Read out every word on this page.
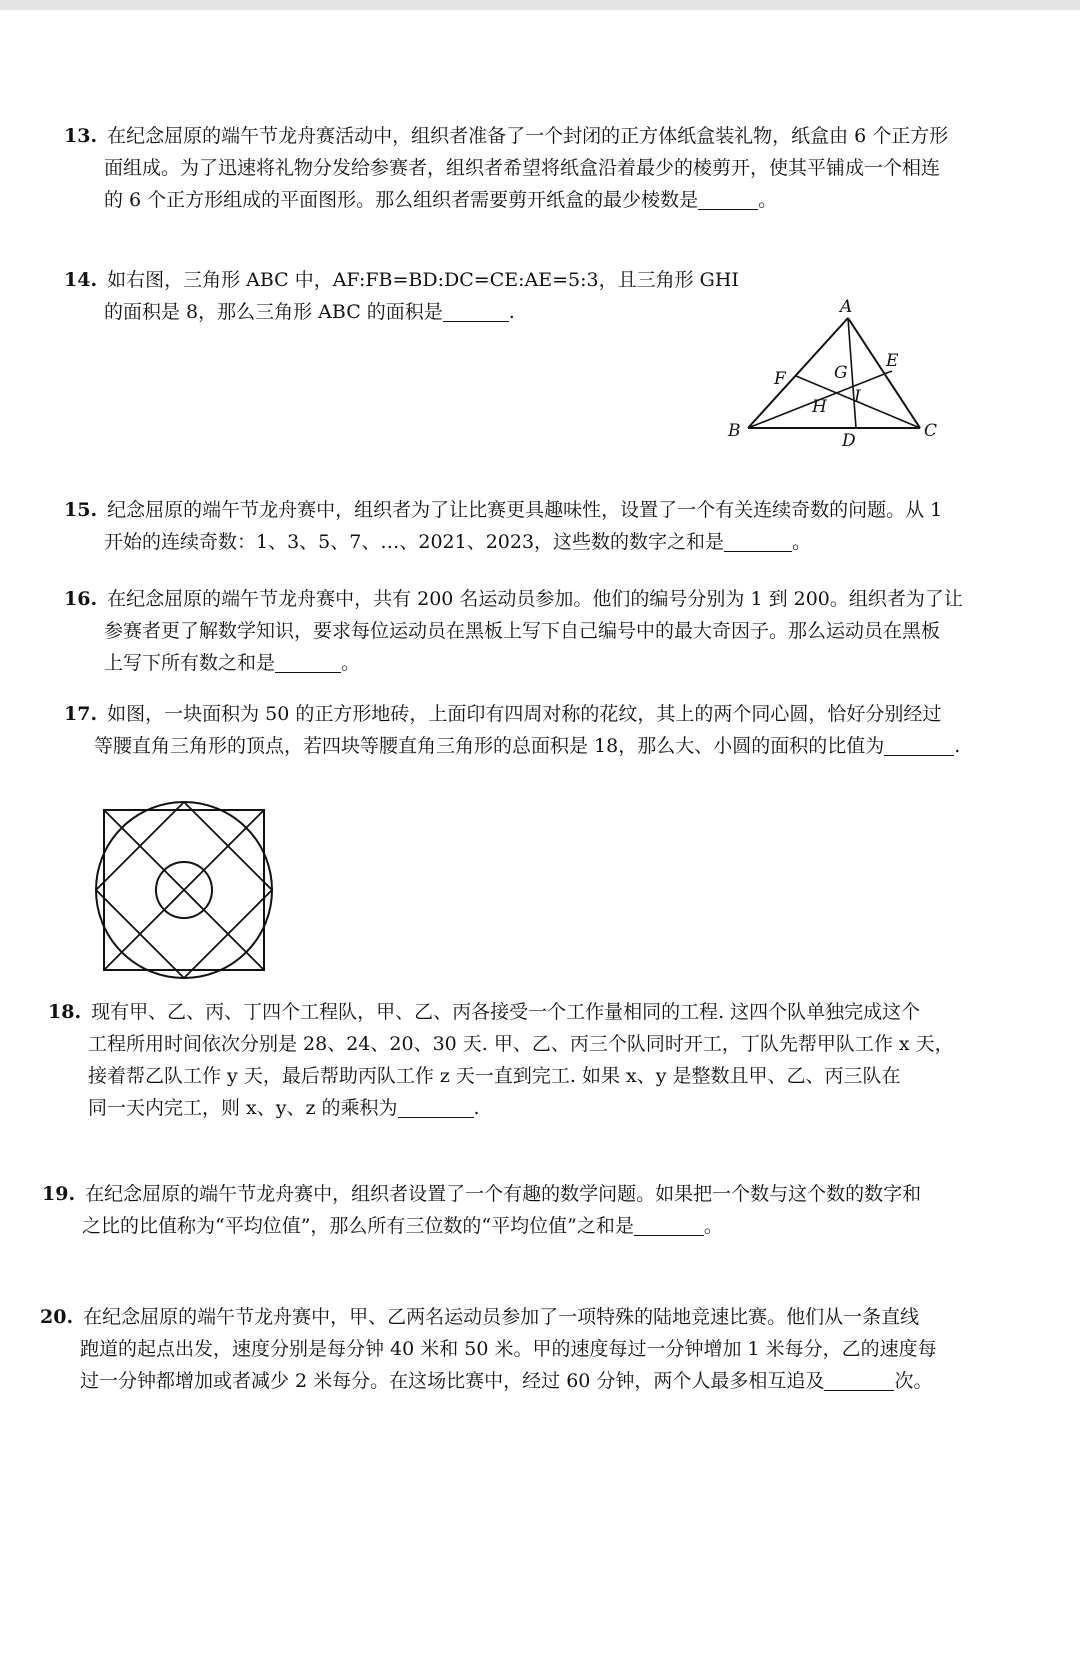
13. 在纪念屈原的端午节龙舟赛活动中，组织者准备了一个封闭的正方体纸盒装礼物，纸盒由 6 个正方形
面组成。为了迅速将礼物分发给参赛者，组织者希望将纸盒沿着最少的棱剪开，使其平铺成一个相连
的 6 个正方形组成的平面图形。那么组织者需要剪开纸盒的最少棱数是	。
14. 如右图，三角形 ABC 中，AF:FB=BD:DC=CE:AE=5:3，且三角形 GHI
的面积是 8，那么三角形 ABC 的面积是	.	A
B	C
D
E
F	G
H I
15. 纪念屈原的端午节龙舟赛中，组织者为了让比赛更具趣味性，设置了一个有关连续奇数的问题。从 1
开始的连续奇数：1、3、5、7、…、2021、2023，这些数的数字之和是	。
16. 在纪念屈原的端午节龙舟赛中，共有 200 名运动员参加。他们的编号分别为 1 到 200。组织者为了让
参赛者更了解数学知识，要求每位运动员在黑板上写下自己编号中的最大奇因子。那么运动员在黑板
上写下所有数之和是	。
17. 如图，一块面积为 50 的正方形地砖，上面印有四周对称的花纹，其上的两个同心圆，恰好分别经过
等腰直角三角形的顶点，若四块等腰直角三角形的总面积是 18，那么大、小圆的面积的比值为	.
18. 现有甲、乙、丙、丁四个工程队，甲、乙、丙各接受一个工作量相同的工程. 这四个队单独完成这个
工程所用时间依次分别是 28、24、20、30 天. 甲、乙、丙三个队同时开工，丁队先帮甲队工作 x 天，
接着帮乙队工作 y 天，最后帮助丙队工作 z 天一直到完工. 如果 x、y 是整数且甲、乙、丙三队在
同一天内完工，则 x、y、z 的乘积为	.
19. 在纪念屈原的端午节龙舟赛中，组织者设置了一个有趣的数学问题。如果把一个数与这个数的数字和
之比的比值称为“平均位值”，那么所有三位数的“平均位值”之和是	。
20. 在纪念屈原的端午节龙舟赛中，甲、乙两名运动员参加了一项特殊的陆地竞速比赛。他们从一条直线
跑道的起点出发，速度分别是每分钟 40 米和 50 米。甲的速度每过一分钟增加 1 米每分，乙的速度每
过一分钟都增加或者减少 2 米每分。在这场比赛中，经过 60 分钟，两个人最多相互追及	次。
